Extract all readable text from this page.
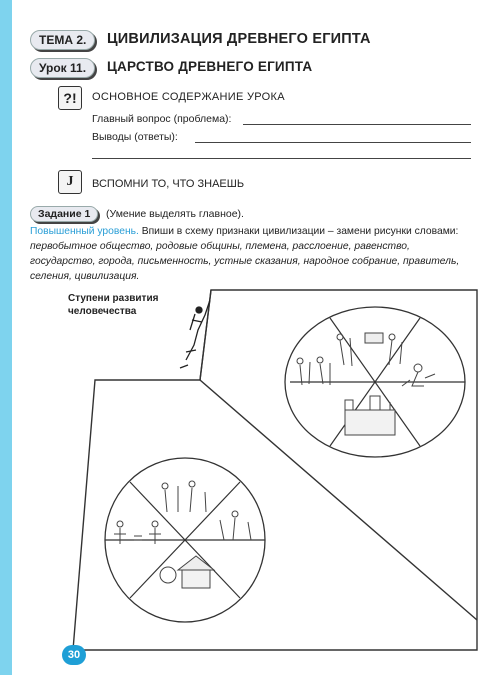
ТЕМА 2.	ЦИВИЛИЗАЦИЯ ДРЕВНЕГО ЕГИПТА
Урок 11.	ЦАРСТВО ДРЕВНЕГО ЕГИПТА
?!	ОСНОВНОЕ СОДЕРЖАНИЕ УРОКА
Главный вопрос (проблема):
Выводы (ответы):
J	ВСПОМНИ ТО, ЧТО ЗНАЕШЬ
Задание 1	(Умение выделять главное).
Повышенный уровень. Впиши в схему признаки цивилизации – замени рисунки словами: первобытное общество, родовые общины, племена, расслоение, равенство, государство, города, письменность, устные сказания, народное собрание, правитель, селения, цивилизация.
Ступени развития
человечества
30
